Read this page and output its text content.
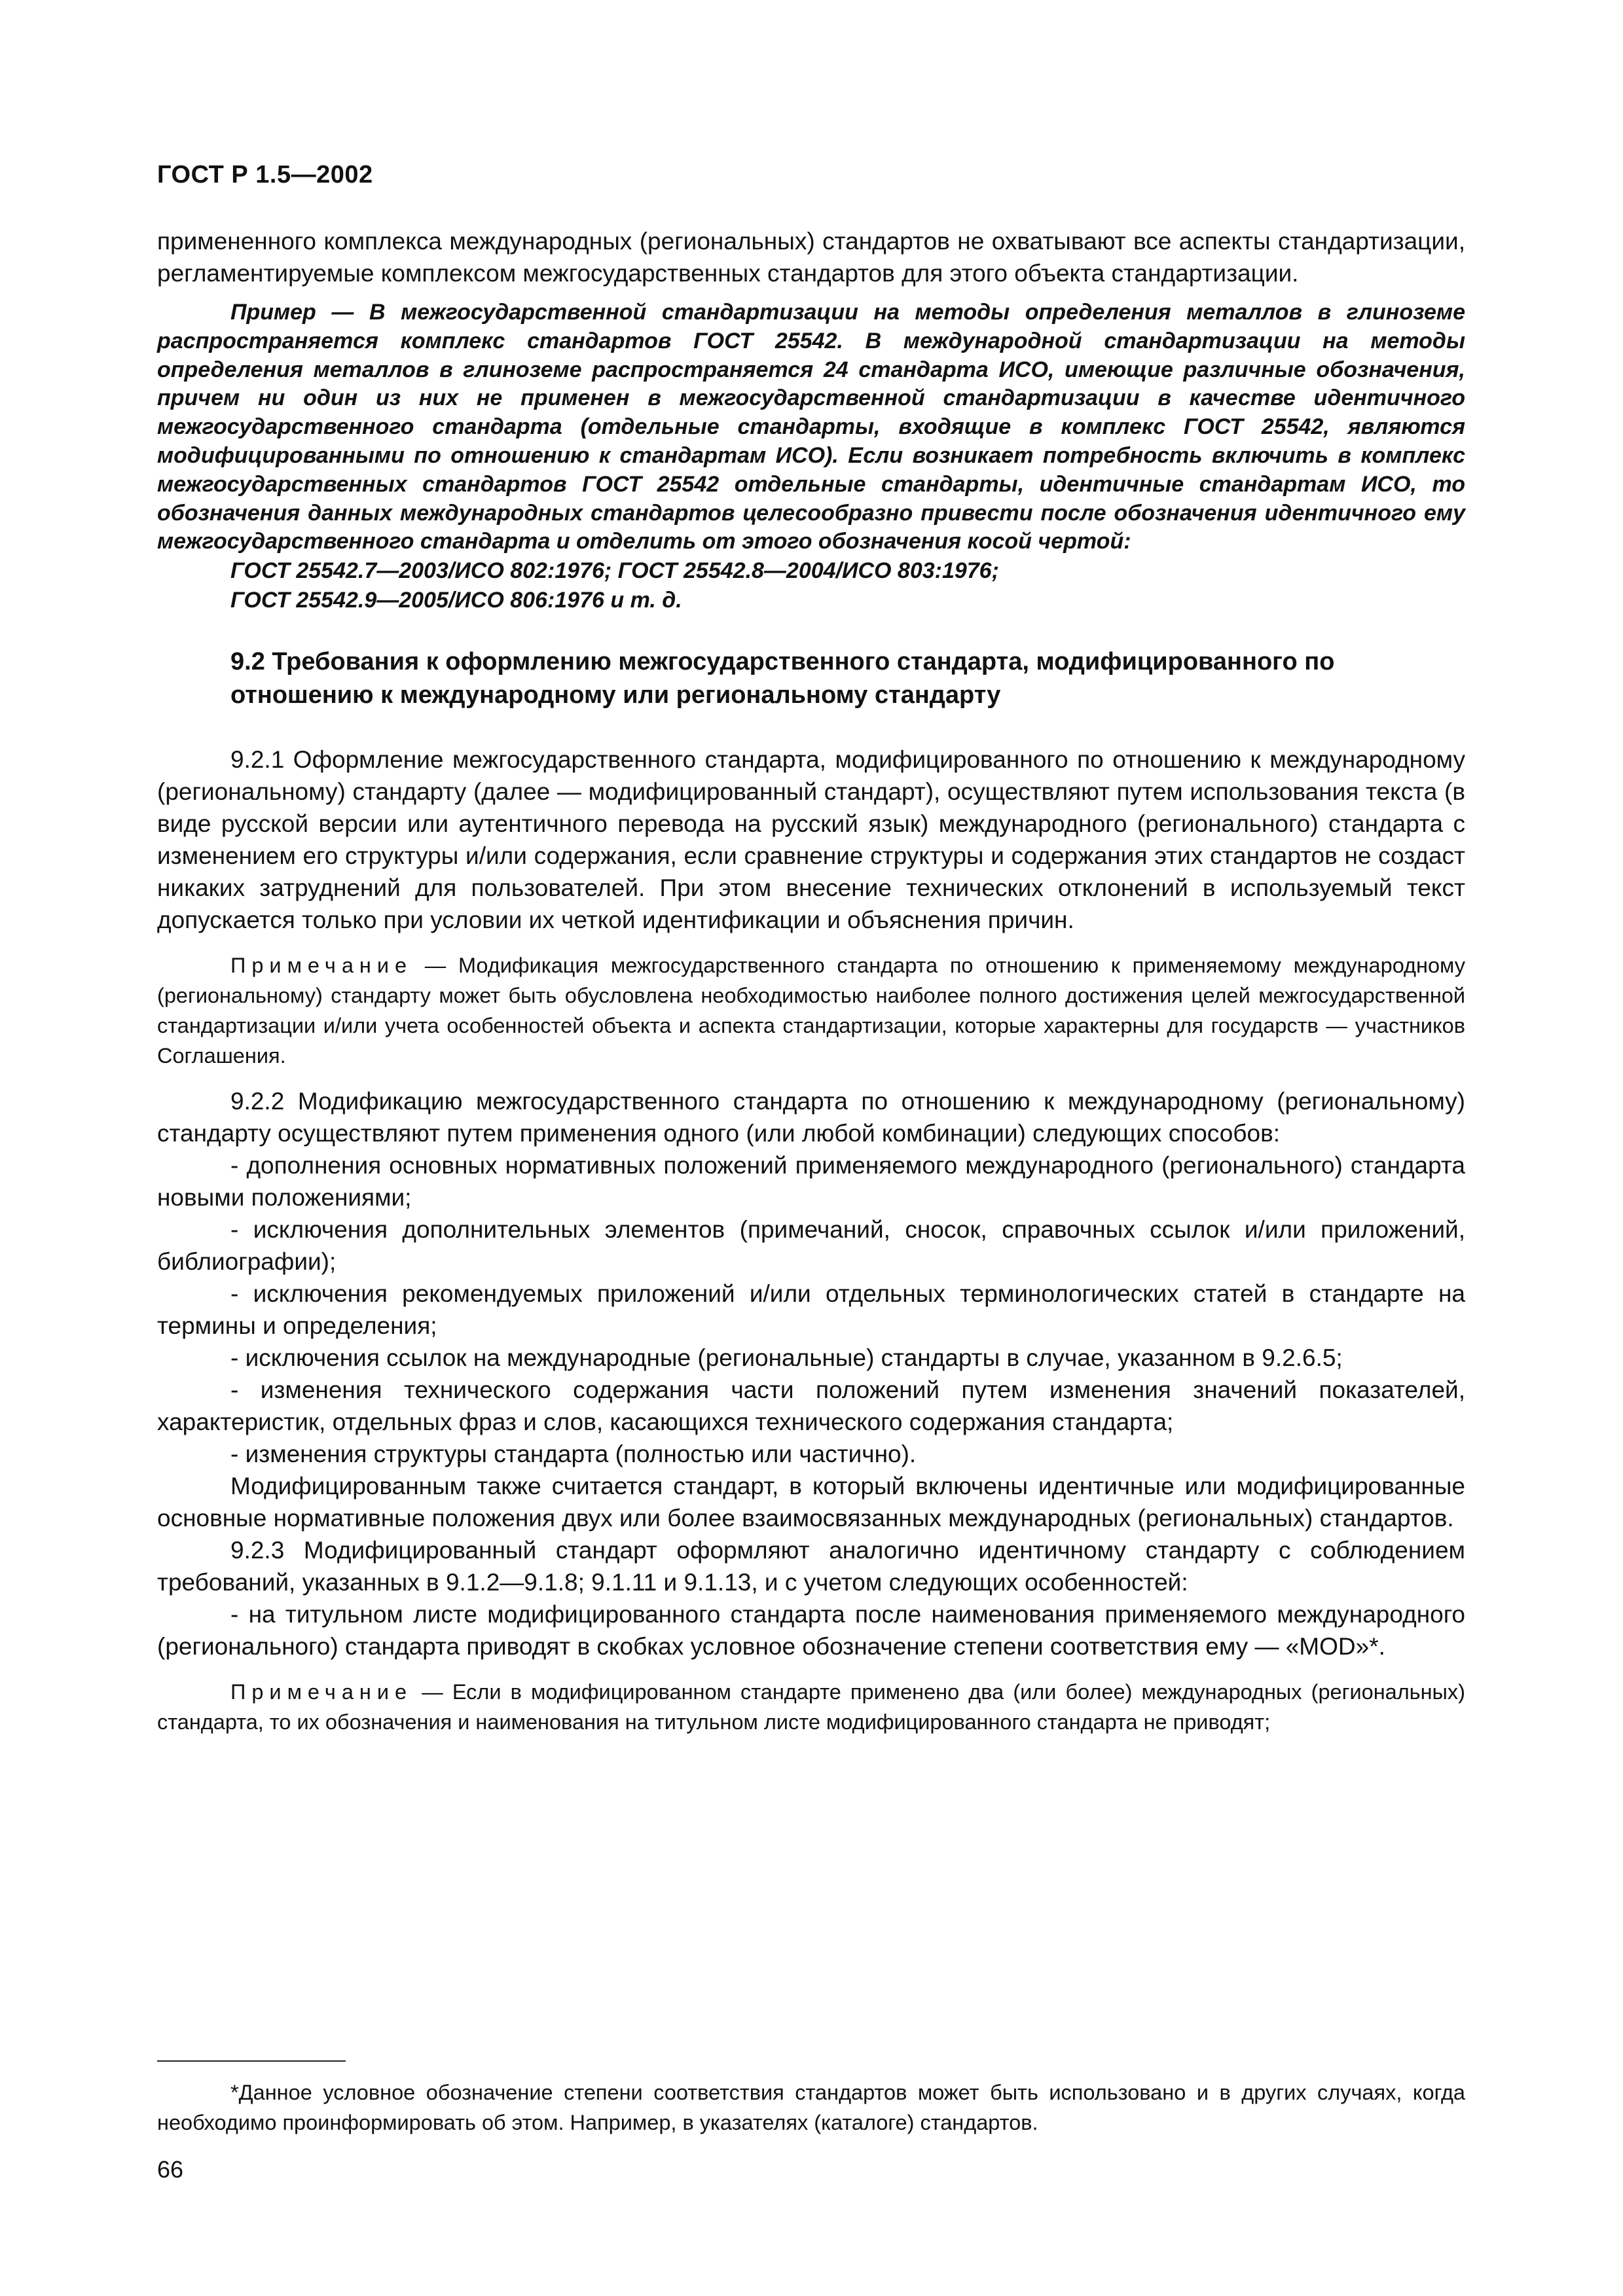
ГОСТ Р 1.5—2002

примененного комплекса международных (региональных) стандартов не охватывают все аспекты стандартизации, регламентируемые комплексом межгосударственных стандартов для этого объекта стандартизации.

Пример — В межгосударственной стандартизации на методы определения металлов в глиноземе распространяется комплекс стандартов ГОСТ 25542. В международной стандартизации на методы определения металлов в глиноземе распространяется 24 стандарта ИСО, имеющие различные обозначения, причем ни один из них не применен в межгосударственной стандартизации в качестве идентичного межгосударственного стандарта (отдельные стандарты, входящие в комплекс ГОСТ 25542, являются модифицированными по отношению к стандартам ИСО). Если возникает потребность включить в комплекс межгосударственных стандартов ГОСТ 25542 отдельные стандарты, идентичные стандартам ИСО, то обозначения данных международных стандартов целесообразно привести после обозначения идентичного ему межгосударственного стандарта и отделить от этого обозначения косой чертой:

ГОСТ 25542.7—2003/ИСО 802:1976; ГОСТ 25542.8—2004/ИСО 803:1976;

ГОСТ 25542.9—2005/ИСО 806:1976 и т. д.

9.2 Требования к оформлению межгосударственного стандарта, модифицированного по отношению к международному или региональному стандарту

9.2.1 Оформление межгосударственного стандарта, модифицированного по отношению к международному (региональному) стандарту (далее — модифицированный стандарт), осуществляют путем использования текста (в виде русской версии или аутентичного перевода на русский язык) международного (регионального) стандарта с изменением его структуры и/или содержания, если сравнение структуры и содержания этих стандартов не создаст никаких затруднений для пользователей. При этом внесение технических отклонений в используемый текст допускается только при условии их четкой идентификации и объяснения причин.

Примечание — Модификация межгосударственного стандарта по отношению к применяемому международному (региональному) стандарту может быть обусловлена необходимостью наиболее полного достижения целей межгосударственной стандартизации и/или учета особенностей объекта и аспекта стандартизации, которые характерны для государств — участников Соглашения.

9.2.2 Модификацию межгосударственного стандарта по отношению к международному (региональному) стандарту осуществляют путем применения одного (или любой комбинации) следующих способов:

- дополнения основных нормативных положений применяемого международного (регионального) стандарта новыми положениями;

- исключения дополнительных элементов (примечаний, сносок, справочных ссылок и/или приложений, библиографии);

- исключения рекомендуемых приложений и/или отдельных терминологических статей в стандарте на термины и определения;

- исключения ссылок на международные (региональные) стандарты в случае, указанном в 9.2.6.5;

- изменения технического содержания части положений путем изменения значений показателей, характеристик, отдельных фраз и слов, касающихся технического содержания стандарта;

- изменения структуры стандарта (полностью или частично).

Модифицированным также считается стандарт, в который включены идентичные или модифицированные основные нормативные положения двух или более взаимосвязанных международных (региональных) стандартов.

9.2.3 Модифицированный стандарт оформляют аналогично идентичному стандарту с соблюдением требований, указанных в 9.1.2—9.1.8; 9.1.11 и 9.1.13, и с учетом следующих особенностей:

- на титульном листе модифицированного стандарта после наименования применяемого международного (регионального) стандарта приводят в скобках условное обозначение степени соответствия ему — «MOD»*.

Примечание — Если в модифицированном стандарте применено два (или более) международных (региональных) стандарта, то их обозначения и наименования на титульном листе модифицированного стандарта не приводят;

*Данное условное обозначение степени соответствия стандартов может быть использовано и в других случаях, когда необходимо проинформировать об этом. Например, в указателях (каталоге) стандартов.

66
